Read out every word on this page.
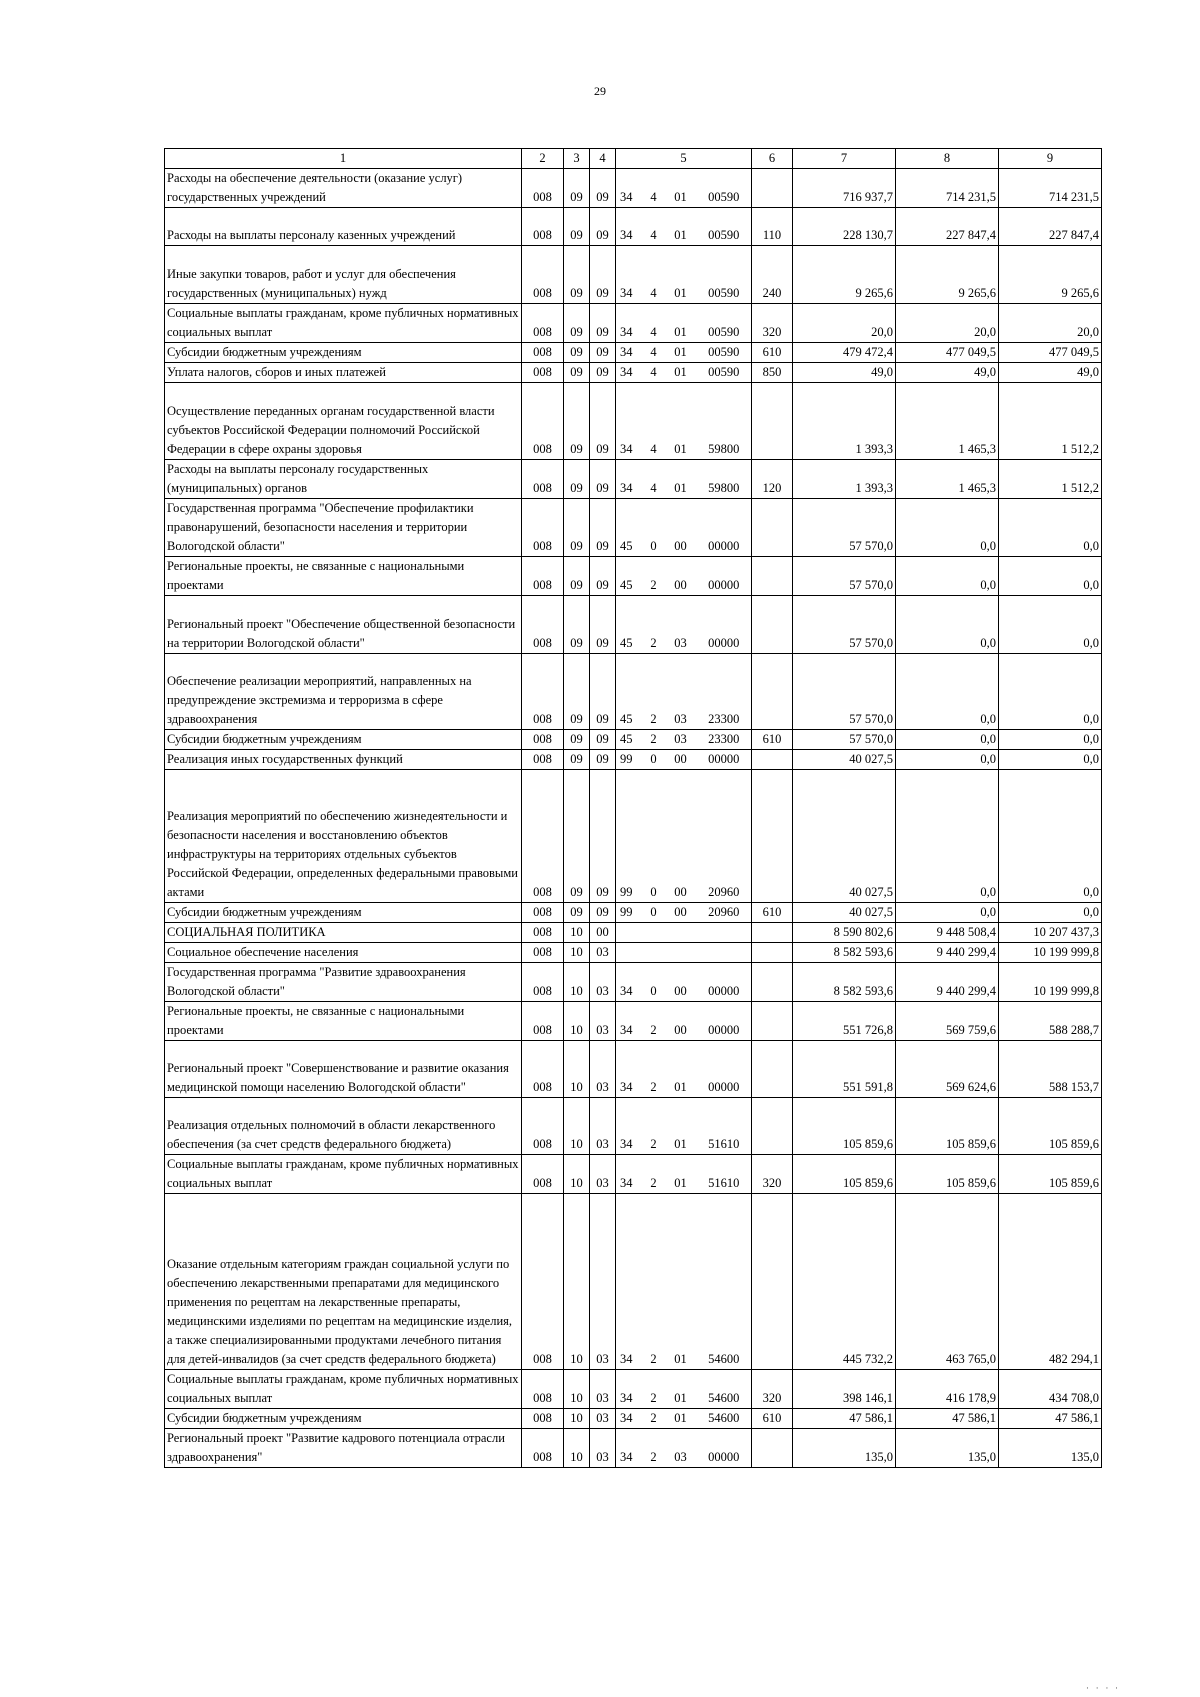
29
1	2	3	4	5				6	7	8	9
Расходы на обеспечение деятельности (оказание услуг) государственных учреждений	008	09	09	34	4	01	00590		716 937,7	714 231,5	714 231,5
Расходы на выплаты персоналу казенных учреждений	008	09	09	34	4	01	00590	110	228 130,7	227 847,4	227 847,4
Иные закупки товаров, работ и услуг для обеспечения государственных (муниципальных) нужд	008	09	09	34	4	01	00590	240	9 265,6	9 265,6	9 265,6
Социальные выплаты гражданам, кроме публичных нормативных социальных выплат	008	09	09	34	4	01	00590	320	20,0	20,0	20,0
Субсидии бюджетным учреждениям	008	09	09	34	4	01	00590	610	479 472,4	477 049,5	477 049,5
Уплата налогов, сборов и иных платежей	008	09	09	34	4	01	00590	850	49,0	49,0	49,0
Осуществление переданных органам государственной власти субъектов Российской Федерации полномочий Российской Федерации в сфере охраны здоровья	008	09	09	34	4	01	59800		1 393,3	1 465,3	1 512,2
Расходы на выплаты персоналу государственных (муниципальных) органов	008	09	09	34	4	01	59800	120	1 393,3	1 465,3	1 512,2
Государственная программа "Обеспечение профилактики правонарушений, безопасности населения и территории Вологодской области"	008	09	09	45	0	00	00000		57 570,0	0,0	0,0
Региональные проекты, не связанные с национальными проектами	008	09	09	45	2	00	00000		57 570,0	0,0	0,0
Региональный проект "Обеспечение общественной безопасности на территории Вологодской области"	008	09	09	45	2	03	00000		57 570,0	0,0	0,0
Обеспечение реализации мероприятий, направленных на предупреждение экстремизма и терроризма в сфере здравоохранения	008	09	09	45	2	03	23300		57 570,0	0,0	0,0
Субсидии бюджетным учреждениям	008	09	09	45	2	03	23300	610	57 570,0	0,0	0,0
Реализация иных государственных функций	008	09	09	99	0	00	00000		40 027,5	0,0	0,0
Реализация мероприятий по обеспечению жизнедеятельности и безопасности населения и восстановлению объектов инфраструктуры на территориях отдельных субъектов Российской Федерации, определенных федеральными правовыми актами	008	09	09	99	0	00	20960		40 027,5	0,0	0,0
Субсидии бюджетным учреждениям	008	09	09	99	0	00	20960	610	40 027,5	0,0	0,0
СОЦИАЛЬНАЯ ПОЛИТИКА	008	10	00						8 590 802,6	9 448 508,4	10 207 437,3
Социальное обеспечение населения	008	10	03						8 582 593,6	9 440 299,4	10 199 999,8
Государственная программа "Развитие здравоохранения Вологодской области"	008	10	03	34	0	00	00000		8 582 593,6	9 440 299,4	10 199 999,8
Региональные проекты, не связанные с национальными проектами	008	10	03	34	2	00	00000		551 726,8	569 759,6	588 288,7
Региональный проект "Совершенствование и развитие оказания медицинской помощи населению Вологодской области"	008	10	03	34	2	01	00000		551 591,8	569 624,6	588 153,7
Реализация отдельных полномочий в области лекарственного обеспечения (за счет средств федерального бюджета)	008	10	03	34	2	01	51610		105 859,6	105 859,6	105 859,6
Социальные выплаты гражданам, кроме публичных нормативных социальных выплат	008	10	03	34	2	01	51610	320	105 859,6	105 859,6	105 859,6
Оказание отдельным категориям граждан социальной услуги по обеспечению лекарственными препаратами для медицинского применения по рецептам на лекарственные препараты, медицинскими изделиями по рецептам на медицинские изделия, а также специализированными продуктами лечебного питания для детей-инвалидов (за счет средств федерального бюджета)	008	10	03	34	2	01	54600		445 732,2	463 765,0	482 294,1
Социальные выплаты гражданам, кроме публичных нормативных социальных выплат	008	10	03	34	2	01	54600	320	398 146,1	416 178,9	434 708,0
Субсидии бюджетным учреждениям	008	10	03	34	2	01	54600	610	47 586,1	47 586,1	47 586,1
Региональный проект "Развитие кадрового потенциала отрасли здравоохранения"	008	10	03	34	2	03	00000		135,0	135,0	135,0
· · · ·
